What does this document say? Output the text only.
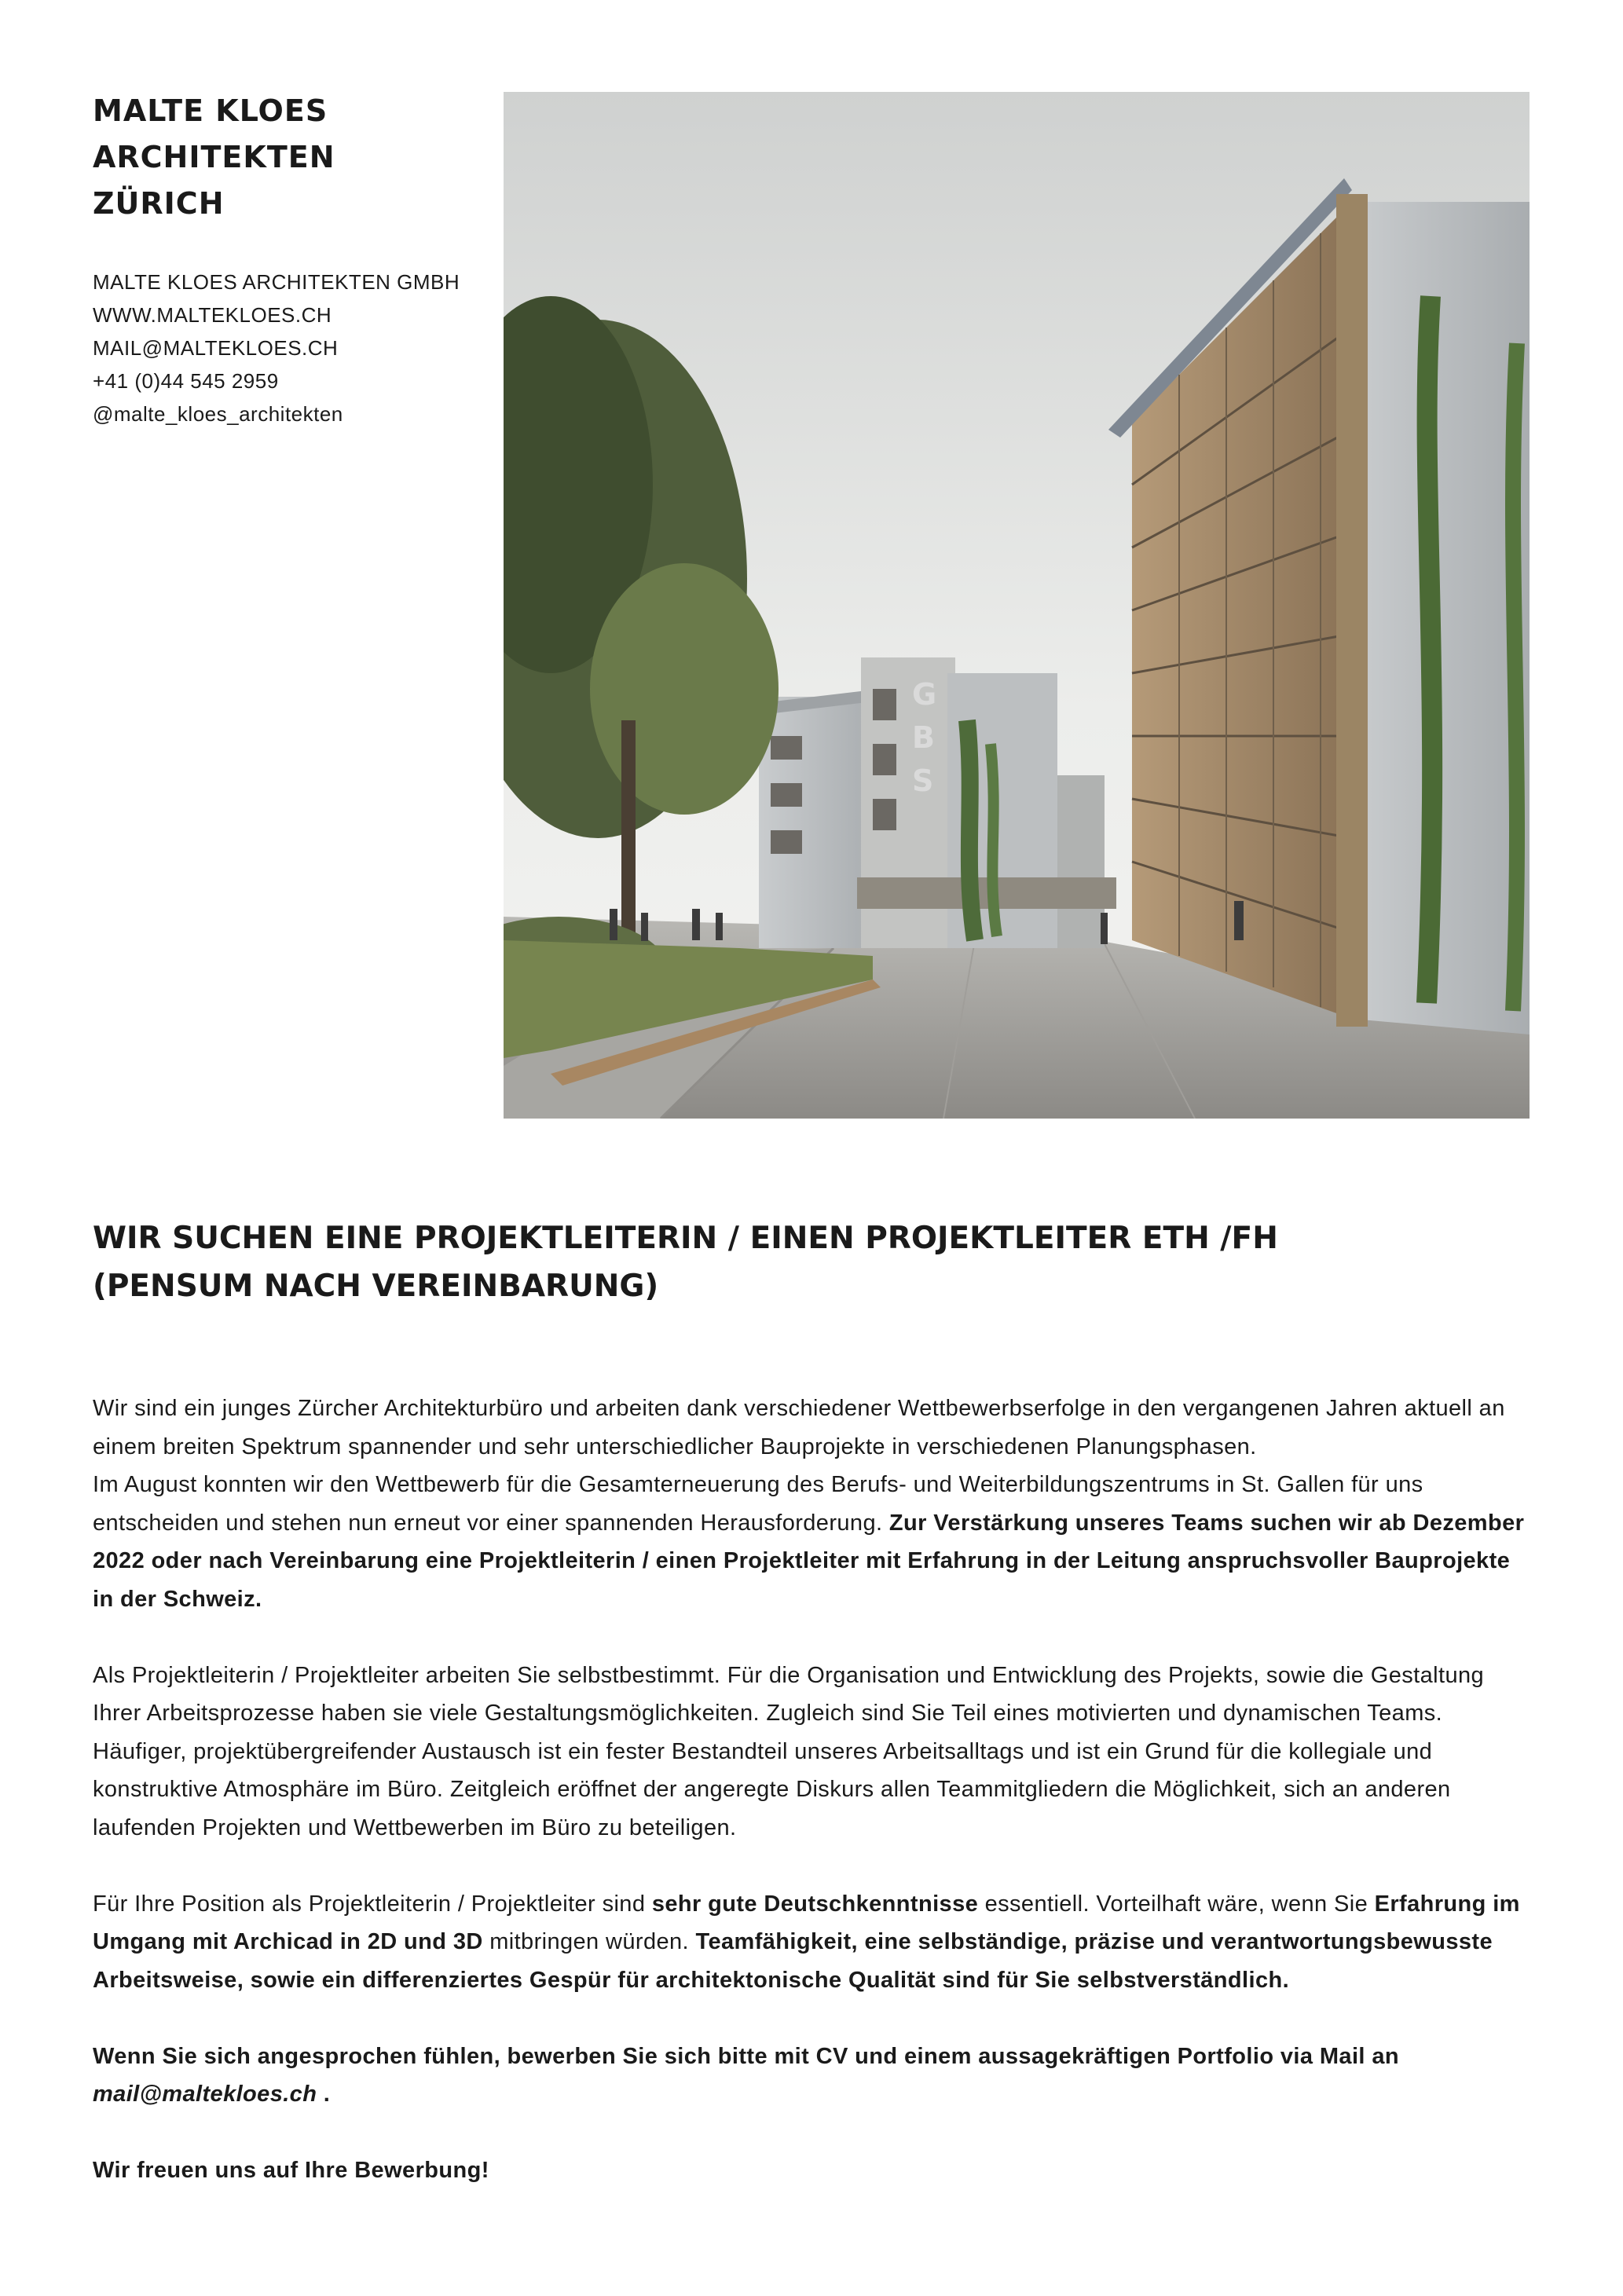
MALTE KLOES
ARCHITEKTEN
ZÜRICH
MALTE KLOES ARCHITEKTEN GMBH
WWW.MALTEKLOES.CH
MAIL@MALTEKLOES.CH
+41 (0)44 545 2959
@malte_kloes_architekten
G
B
S
WIR SUCHEN EINE PROJEKTLEITERIN / EINEN PROJEKTLEITER ETH /FH
(PENSUM NACH VEREINBARUNG)

Wir sind ein junges Zürcher Architekturbüro und arbeiten dank verschiedener Wettbewerbserfolge in den vergangenen Jahren aktuell an einem breiten Spektrum spannender und sehr unterschiedlicher Bauprojekte in verschiedenen Planungsphasen.
Im August konnten wir den Wettbewerb für die Gesamterneuerung des Berufs- und Weiterbildungszentrums in St. Gallen für uns entscheiden und stehen nun erneut vor einer spannenden Herausforderung. Zur Verstärkung unseres Teams suchen wir ab Dezember 2022 oder nach Vereinbarung eine Projektleiterin / einen Projektleiter mit Erfahrung in der Leitung anspruchsvoller Bauprojekte in der Schweiz.

Als Projektleiterin / Projektleiter arbeiten Sie selbstbestimmt. Für die Organisation und Entwicklung des Projekts, sowie die Gestaltung Ihrer Arbeitsprozesse haben sie viele Gestaltungsmöglichkeiten. Zugleich sind Sie Teil eines motivierten und dynamischen Teams. Häufiger, projektübergreifender Austausch ist ein fester Bestandteil unseres Arbeitsalltags und ist ein Grund für die kollegiale und konstruktive Atmosphäre im Büro. Zeitgleich eröffnet der angeregte Diskurs allen Teammitgliedern die Möglichkeit, sich an anderen laufenden Projekten und Wettbewerben im Büro zu beteiligen.

Für Ihre Position als Projektleiterin / Projektleiter sind sehr gute Deutschkenntnisse essentiell. Vorteilhaft wäre, wenn Sie Erfahrung im Umgang mit Archicad in 2D und 3D mitbringen würden. Teamfähigkeit, eine selbständige, präzise und verantwortungsbewusste Arbeitsweise, sowie ein differenziertes Gespür für architektonische Qualität sind für Sie selbstverständlich.

Wenn Sie sich angesprochen fühlen, bewerben Sie sich bitte mit CV und einem aussagekräftigen Portfolio via Mail an mail@maltekloes.ch .

Wir freuen uns auf Ihre Bewerbung!
